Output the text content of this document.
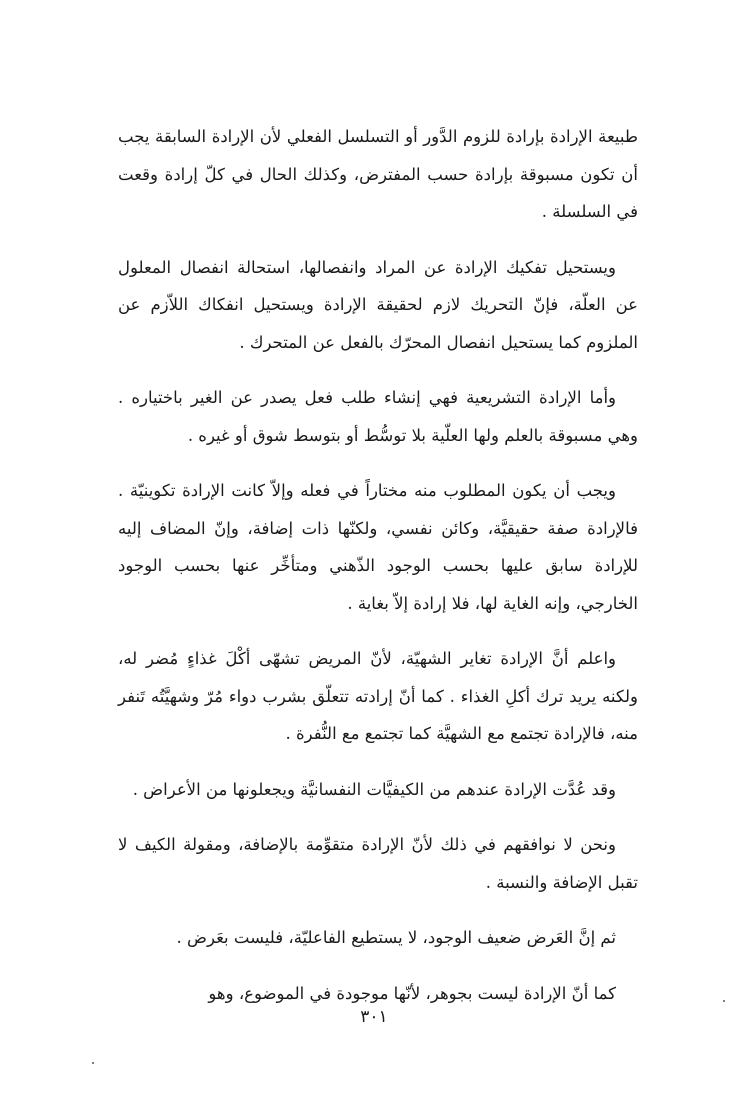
طبيعة الإرادة بإرادة للزوم الدَّور أو التسلسل الفعلي لأن الإرادة السابقة يجب أن تكون مسبوقة بإرادة حسب المفترض، وكذلك الحال في كلّ إرادة وقعت في السلسلة .

ويستحيل تفكيك الإرادة عن المراد وانفصالها، استحالة انفصال المعلول عن العلّة، فإنّ التحريك لازم لحقيقة الإرادة ويستحيل انفكاك اللاّزم عن الملزوم كما يستحيل انفصال المحرّك بالفعل عن المتحرك .

وأما الإرادة التشريعية فهي إنشاء طلب فعل يصدر عن الغير باختياره . وهي مسبوقة بالعلم ولها العلّية بلا توسُّط أو بتوسط شوق أو غيره .

ويجب أن يكون المطلوب منه مختاراً في فعله وإلاّ كانت الإرادة تكوينيّة . فالإرادة صفة حقيقيَّة، وكائن نفسي، ولكنّها ذات إضافة، وإنّ المضاف إليه للإرادة سابق عليها بحسب الوجود الذّهني ومتأخِّر عنها بحسب الوجود الخارجي، وإنه الغاية لها، فلا إرادة إلاّ بغاية .

واعلم أنَّ الإرادة تغاير الشهيّة، لأنّ المريض تشهّى أكْلَ غذاءٍ مُضر له، ولكنه يريد ترك أكلِ الغذاء . كما أنّ إرادته تتعلّق بشرب دواء مُرّ وشهيَّتُه تَنفر منه، فالإرادة تجتمع مع الشهيَّة كما تجتمع مع النُّفرة .

وقد عُدَّت الإرادة عندهم من الكيفيَّات النفسانيَّة ويجعلونها من الأعراض .

ونحن لا نوافقهم في ذلك لأنّ الإرادة متقوِّمة بالإضافة، ومقولة الكيف لا تقبل الإضافة والنسبة .

ثم إنَّ العَرض ضعيف الوجود، لا يستطيع الفاعليّة، فليست بعَرض .

كما أنّ الإرادة ليست بجوهر، لأنّها موجودة في الموضوع، وهو

٣٠١
